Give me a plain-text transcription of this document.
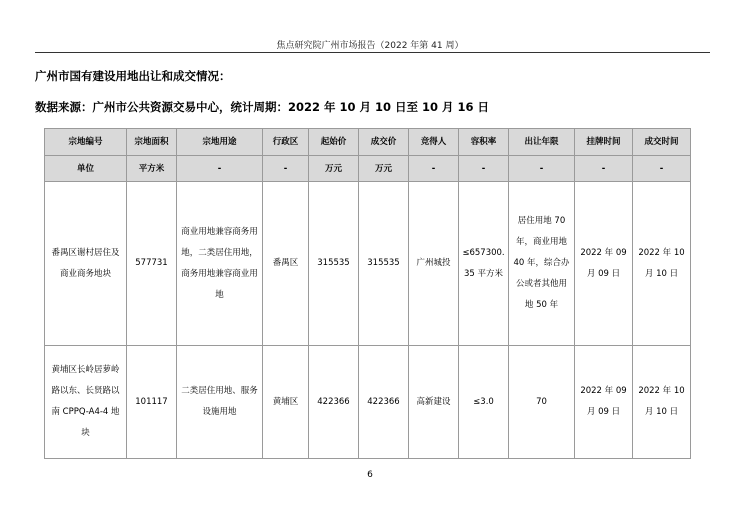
焦点研究院广州市场报告（2022 年第 41 周）
广州市国有建设用地出让和成交情况：
数据来源：广州市公共资源交易中心，统计周期：2022 年 10 月 10 日至 10 月 16 日
宗地编号	宗地面积	宗地用途	行政区	起始价	成交价	竞得人	容积率	出让年限	挂牌时间	成交时间
单位	平方米	-	-	万元	万元	-	-	-	-	-
番禺区谢村居住及商业商务地块	577731	商业用地兼容商务用地，二类居住用地，商务用地兼容商业用地	番禺区	315535	315535	广州城投	≤657300.35 平方米	居住用地 70 年，商业用地 40 年，综合办公或者其他用地 50 年	2022 年 09 月 09 日	2022 年 10 月 10 日
黄埔区长岭居萝岭路以东、长贤路以南 CPPQ-A4-4 地块	101117	二类居住用地、服务设施用地	黄埔区	422366	422366	高新建设	≤3.0	70	2022 年 09 月 09 日	2022 年 10 月 10 日
6
